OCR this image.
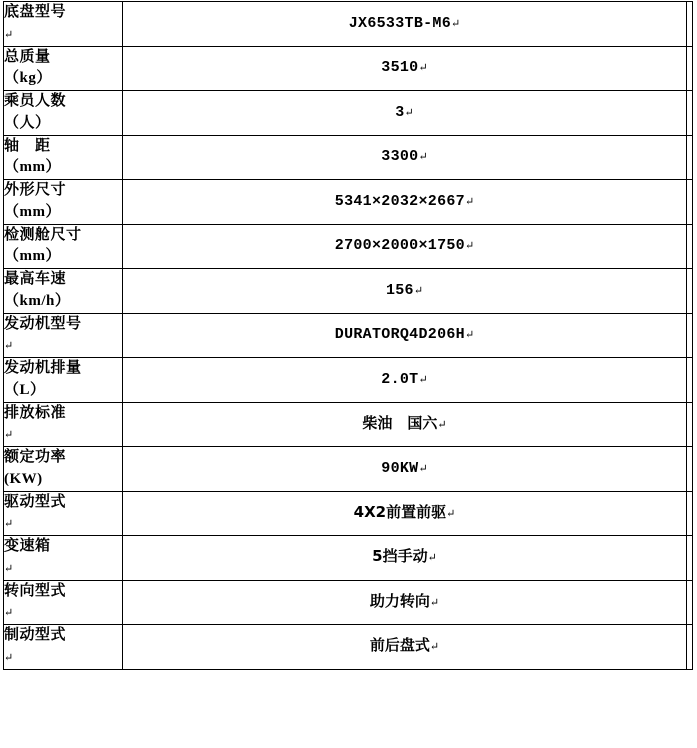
底盘型号
↵	JX6533TB-M6↵	

总质量
（kg）	3510↵	

乘员人数
（人）	3↵	

轴　距
（mm）	3300↵	

外形尺寸
（mm）	5341×2032×2667↵	

检测舱尺寸
（mm）	2700×2000×1750↵	

最高车速
（km/h）	156↵	

发动机型号
↵	DURATORQ4D206H↵	

发动机排量
（L）	2.0T↵	

排放标准
↵	柴油　国六↵	

额定功率
(KW)	90KW↵	

驱动型式
↵	4X2前置前驱↵	

变速箱
↵	5挡手动↵	

转向型式
↵	助力转向↵	

制动型式
↵	前后盘式↵	
